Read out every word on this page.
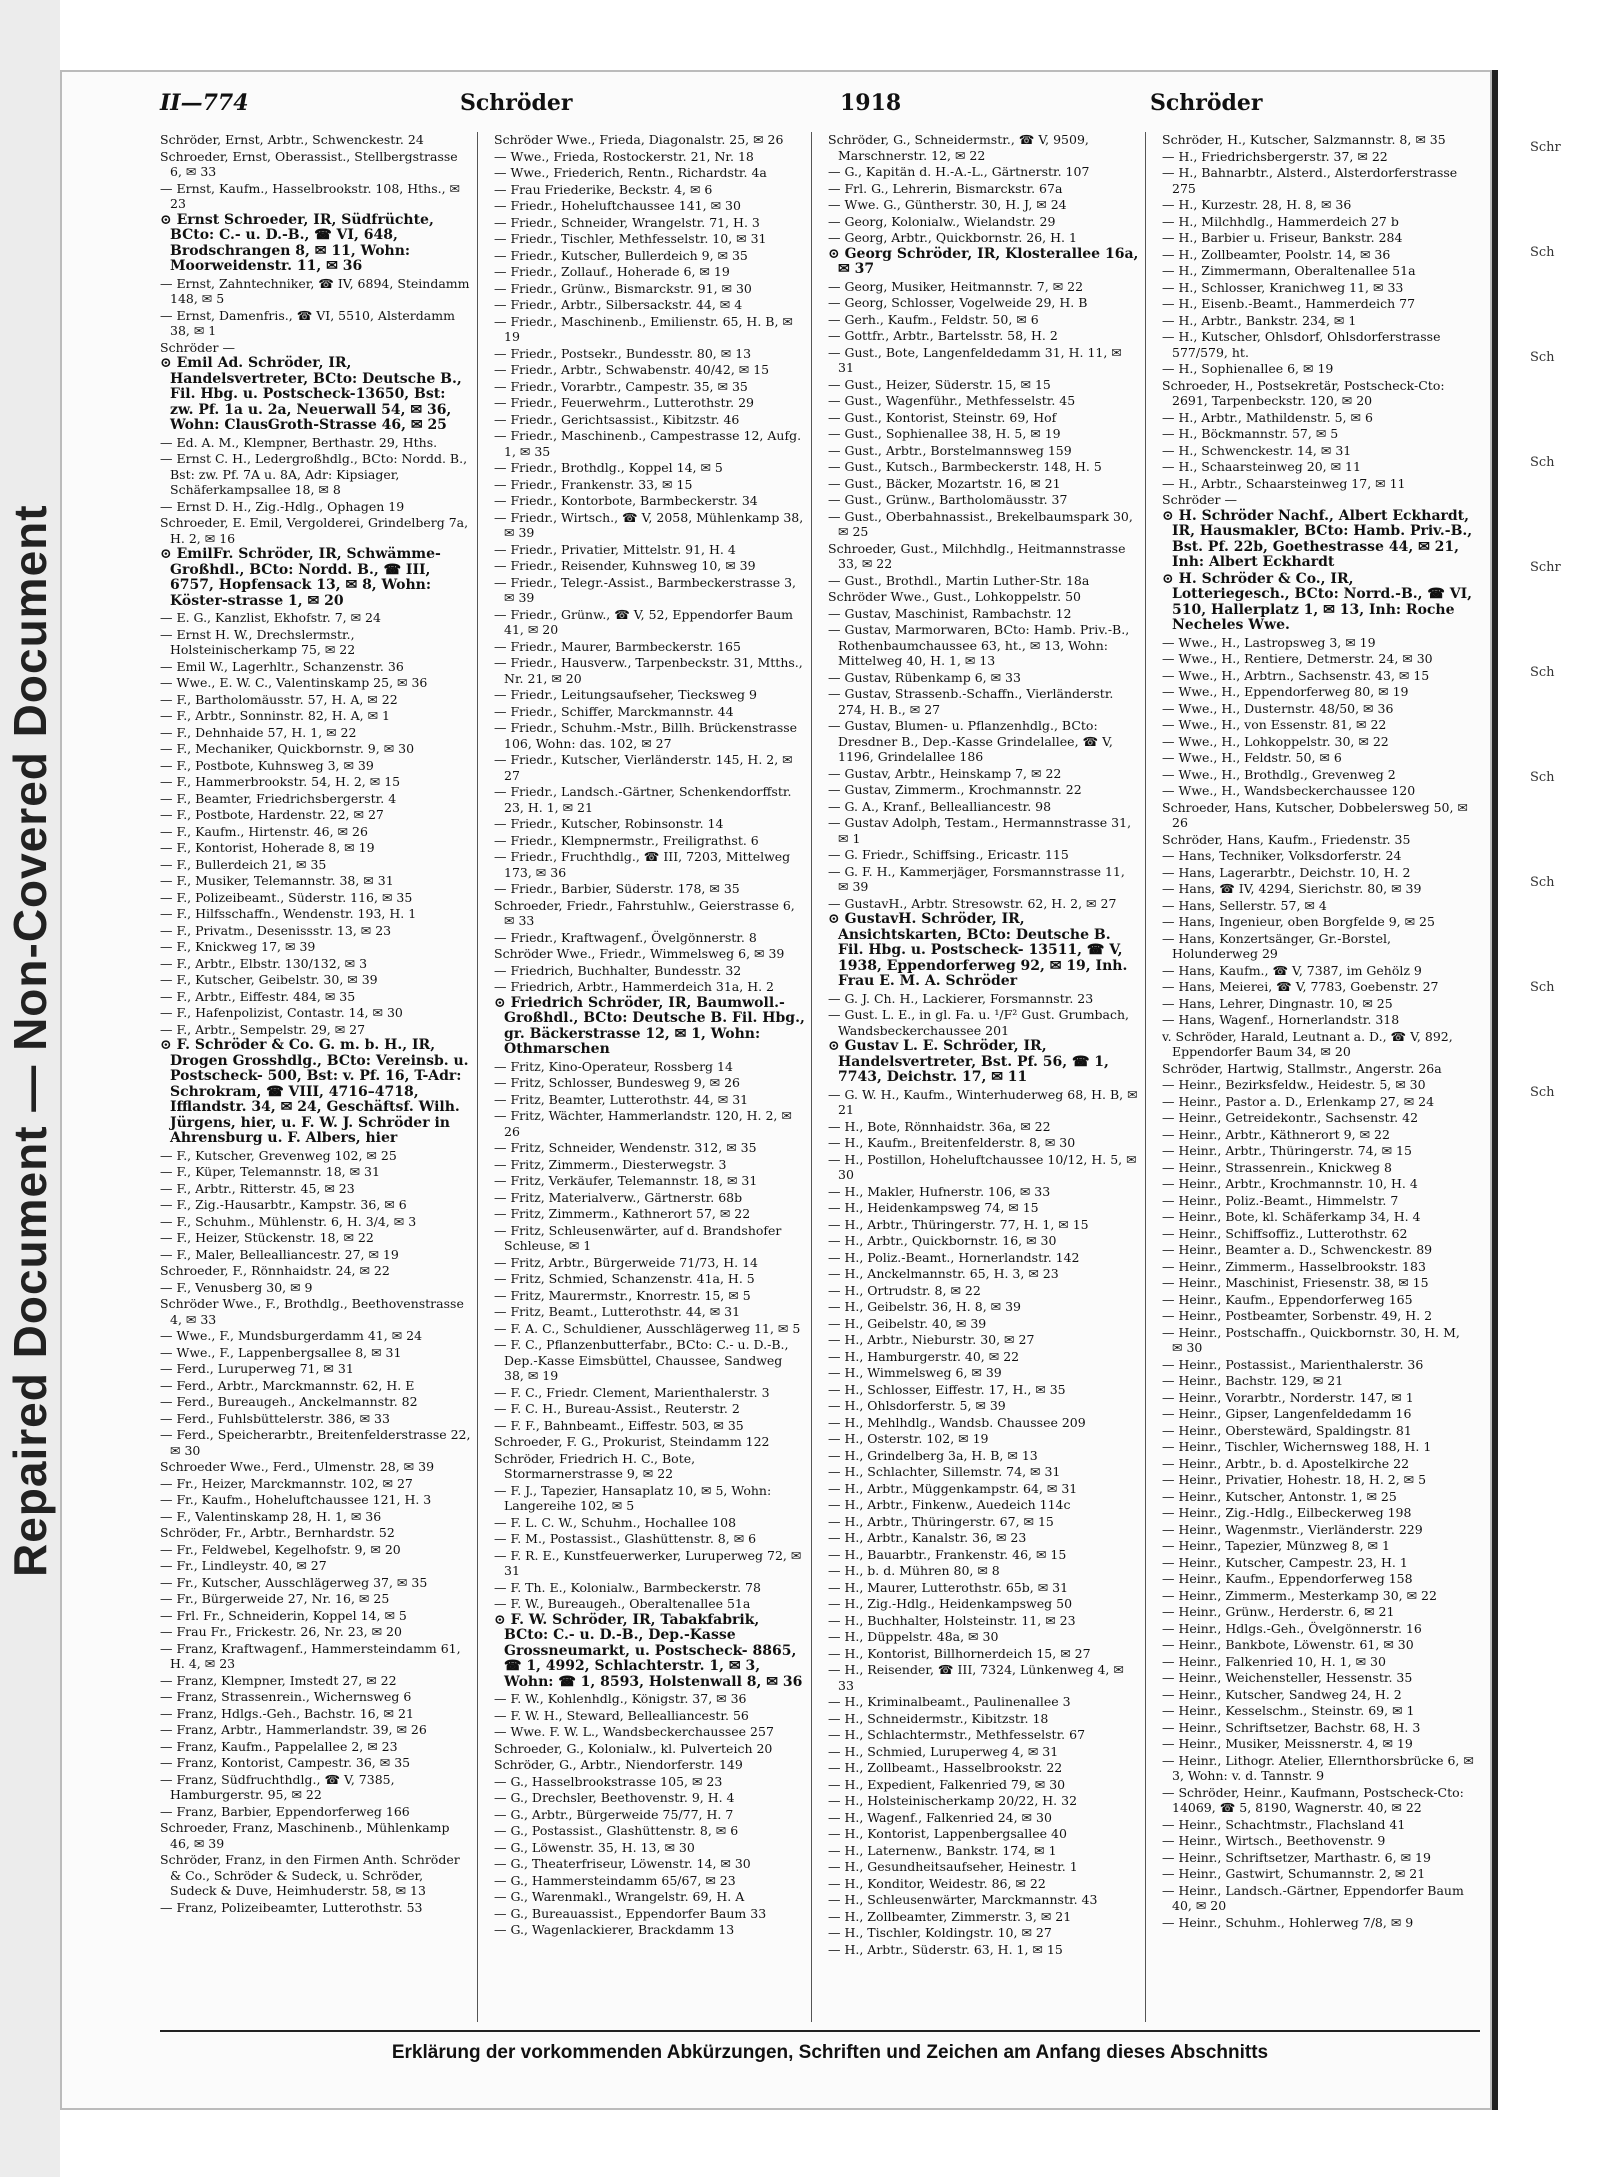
Repaired Document — Non-Covered Document
II—774	Schröder	1918	Schröder
Schröder, Ernst, Arbtr., Schwenckestr. 24
Schroeder, Ernst, Oberassist., Stellbergstrasse 6, ✉ 33
— Ernst, Kaufm., Hasselbrookstr. 108, Hths., ✉ 23
⊙ Ernst Schroeder, IR, Südfrüchte, BCto: C.- u. D.-B., ☎ VI, 648, Brodschrangen 8, ✉ 11, Wohn: Moorweidenstr. 11, ✉ 36
— Ernst, Zahntechniker, ☎ IV, 6894, Steindamm 148, ✉ 5
— Ernst, Damenfris., ☎ VI, 5510, Alsterdamm 38, ✉ 1
Schröder —
⊙ Emil Ad. Schröder, IR, Handelsvertreter, BCto: Deutsche B., Fil. Hbg. u. Postscheck-13650, Bst: zw. Pf. 1a u. 2a, Neuerwall 54, ✉ 36, Wohn: ClausGroth-Strasse 46, ✉ 25
— Ed. A. M., Klempner, Berthastr. 29, Hths.
— Ernst C. H., Ledergroßhdlg., BCto: Nordd. B., Bst: zw. Pf. 7A u. 8A, Adr: Kipsiager, Schäferkampsallee 18, ✉ 8
— Ernst D. H., Zig.-Hdlg., Ophagen 19
Schroeder, E. Emil, Vergolderei, Grindelberg 7a, H. 2, ✉ 16
⊙ EmilFr. Schröder, IR, Schwämme-Großhdl., BCto: Nordd. B., ☎ III, 6757, Hopfensack 13, ✉ 8, Wohn: Köster-strasse 1, ✉ 20
— E. G., Kanzlist, Ekhofstr. 7, ✉ 24
— Ernst H. W., Drechslermstr., Holsteinischerkamp 75, ✉ 22
— Emil W., Lagerhltr., Schanzenstr. 36
— Wwe., E. W. C., Valentinskamp 25, ✉ 36
— F., Bartholomäusstr. 57, H. A, ✉ 22
— F., Arbtr., Sonninstr. 82, H. A, ✉ 1
— F., Dehnhaide 57, H. 1, ✉ 22
— F., Mechaniker, Quickbornstr. 9, ✉ 30
— F., Postbote, Kuhnsweg 3, ✉ 39
— F., Hammerbrookstr. 54, H. 2, ✉ 15
— F., Beamter, Friedrichsbergerstr. 4
— F., Postbote, Hardenstr. 22, ✉ 27
— F., Kaufm., Hirtenstr. 46, ✉ 26
— F., Kontorist, Hoherade 8, ✉ 19
— F., Bullerdeich 21, ✉ 35
— F., Musiker, Telemannstr. 38, ✉ 31
— F., Polizeibeamt., Süderstr. 116, ✉ 35
— F., Hilfsschaffn., Wendenstr. 193, H. 1
— F., Privatm., Desenissstr. 13, ✉ 23
— F., Knickweg 17, ✉ 39
— F., Arbtr., Elbstr. 130/132, ✉ 3
— F., Kutscher, Geibelstr. 30, ✉ 39
— F., Arbtr., Eiffestr. 484, ✉ 35
— F., Hafenpolizist, Contastr. 14, ✉ 30
— F., Arbtr., Sempelstr. 29, ✉ 27
⊙ F. Schröder & Co. G. m. b. H., IR, Drogen Grosshdlg., BCto: Vereinsb. u. Postscheck- 500, Bst: v. Pf. 16, T-Adr: Schrokram, ☎ VIII, 4716–4718, Ifflandstr. 34, ✉ 24, Geschäftsf. Wilh. Jürgens, hier, u. F. W. J. Schröder in Ahrensburg u. F. Albers, hier
— F., Kutscher, Grevenweg 102, ✉ 25
— F., Küper, Telemannstr. 18, ✉ 31
— F., Arbtr., Ritterstr. 45, ✉ 23
— F., Zig.-Hausarbtr., Kampstr. 36, ✉ 6
— F., Schuhm., Mühlenstr. 6, H. 3/4, ✉ 3
— F., Heizer, Stückenstr. 18, ✉ 22
— F., Maler, Bellealliancestr. 27, ✉ 19
Schroeder, F., Rönnhaidstr. 24, ✉ 22
— F., Venusberg 30, ✉ 9
Schröder Wwe., F., Brothdlg., Beethovenstrasse 4, ✉ 33
— Wwe., F., Mundsburgerdamm 41, ✉ 24
— Wwe., F., Lappenbergsallee 8, ✉ 31
— Ferd., Luruperweg 71, ✉ 31
— Ferd., Arbtr., Marckmannstr. 62, H. E
— Ferd., Bureaugeh., Anckelmannstr. 82
— Ferd., Fuhlsbüttelerstr. 386, ✉ 33
— Ferd., Speicherarbtr., Breitenfelderstrasse 22, ✉ 30
Schroeder Wwe., Ferd., Ulmenstr. 28, ✉ 39
— Fr., Heizer, Marckmannstr. 102, ✉ 27
— Fr., Kaufm., Hoheluftchaussee 121, H. 3
— F., Valentinskamp 28, H. 1, ✉ 36
Schröder, Fr., Arbtr., Bernhardstr. 52
— Fr., Feldwebel, Kegelhofstr. 9, ✉ 20
— Fr., Lindleystr. 40, ✉ 27
— Fr., Kutscher, Ausschlägerweg 37, ✉ 35
— Fr., Bürgerweide 27, Nr. 16, ✉ 25
— Frl. Fr., Schneiderin, Koppel 14, ✉ 5
— Frau Fr., Frickestr. 26, Nr. 23, ✉ 20
— Franz, Kraftwagenf., Hammersteindamm 61, H. 4, ✉ 23
— Franz, Klempner, Imstedt 27, ✉ 22
— Franz, Strassenrein., Wichernsweg 6
— Franz, Hdlgs.-Geh., Bachstr. 16, ✉ 21
— Franz, Arbtr., Hammerlandstr. 39, ✉ 26
— Franz, Kaufm., Pappelallee 2, ✉ 23
— Franz, Kontorist, Campestr. 36, ✉ 35
— Franz, Südfruchthdlg., ☎ V, 7385, Hamburgerstr. 95, ✉ 22
— Franz, Barbier, Eppendorferweg 166
Schroeder, Franz, Maschinenb., Mühlenkamp 46, ✉ 39
Schröder, Franz, in den Firmen Anth. Schröder & Co., Schröder & Sudeck, u. Schröder, Sudeck & Duve, Heimhuderstr. 58, ✉ 13
— Franz, Polizeibeamter, Lutterothstr. 53
Schröder Wwe., Frieda, Diagonalstr. 25, ✉ 26
— Wwe., Frieda, Rostockerstr. 21, Nr. 18
— Wwe., Friederich, Rentn., Richardstr. 4a
— Frau Friederike, Beckstr. 4, ✉ 6
— Friedr., Hoheluftchaussee 141, ✉ 30
— Friedr., Schneider, Wrangelstr. 71, H. 3
— Friedr., Tischler, Methfesselstr. 10, ✉ 31
— Friedr., Kutscher, Bullerdeich 9, ✉ 35
— Friedr., Zollauf., Hoherade 6, ✉ 19
— Friedr., Grünw., Bismarckstr. 91, ✉ 30
— Friedr., Arbtr., Silbersackstr. 44, ✉ 4
— Friedr., Maschinenb., Emilienstr. 65, H. B, ✉ 19
— Friedr., Postsekr., Bundesstr. 80, ✉ 13
— Friedr., Arbtr., Schwabenstr. 40/42, ✉ 15
— Friedr., Vorarbtr., Campestr. 35, ✉ 35
— Friedr., Feuerwehrm., Lutterothstr. 29
— Friedr., Gerichtsassist., Kibitzstr. 46
— Friedr., Maschinenb., Campestrasse 12, Aufg. 1, ✉ 35
— Friedr., Brothdlg., Koppel 14, ✉ 5
— Friedr., Frankenstr. 33, ✉ 15
— Friedr., Kontorbote, Barmbeckerstr. 34
— Friedr., Wirtsch., ☎ V, 2058, Mühlenkamp 38, ✉ 39
— Friedr., Privatier, Mittelstr. 91, H. 4
— Friedr., Reisender, Kuhnsweg 10, ✉ 39
— Friedr., Telegr.-Assist., Barmbeckerstrasse 3, ✉ 39
— Friedr., Grünw., ☎ V, 52, Eppendorfer Baum 41, ✉ 20
— Friedr., Maurer, Barmbeckerstr. 165
— Friedr., Hausverw., Tarpenbeckstr. 31, Mtths., Nr. 21, ✉ 20
— Friedr., Leitungsaufseher, Tiecksweg 9
— Friedr., Schiffer, Marckmannstr. 44
— Friedr., Schuhm.-Mstr., Billh. Brückenstrasse 106, Wohn: das. 102, ✉ 27
— Friedr., Kutscher, Vierländerstr. 145, H. 2, ✉ 27
— Friedr., Landsch.-Gärtner, Schenkendorffstr. 23, H. 1, ✉ 21
— Friedr., Kutscher, Robinsonstr. 14
— Friedr., Klempnermstr., Freiligrathst. 6
— Friedr., Fruchthdlg., ☎ III, 7203, Mittelweg 173, ✉ 36
— Friedr., Barbier, Süderstr. 178, ✉ 35
Schroeder, Friedr., Fahrstuhlw., Geierstrasse 6, ✉ 33
— Friedr., Kraftwagenf., Övelgönnerstr. 8
Schröder Wwe., Friedr., Wimmelsweg 6, ✉ 39
— Friedrich, Buchhalter, Bundesstr. 32
— Friedrich, Arbtr., Hammerdeich 31a, H. 2
⊙ Friedrich Schröder, IR, Baumwoll.-Großhdl., BCto: Deutsche B. Fil. Hbg., gr. Bäckerstrasse 12, ✉ 1, Wohn: Othmarschen
— Fritz, Kino-Operateur, Rossberg 14
— Fritz, Schlosser, Bundesweg 9, ✉ 26
— Fritz, Beamter, Lutterothstr. 44, ✉ 31
— Fritz, Wächter, Hammerlandstr. 120, H. 2, ✉ 26
— Fritz, Schneider, Wendenstr. 312, ✉ 35
— Fritz, Zimmerm., Diesterwegstr. 3
— Fritz, Verkäufer, Telemannstr. 18, ✉ 31
— Fritz, Materialverw., Gärtnerstr. 68b
— Fritz, Zimmerm., Kathnerort 57, ✉ 22
— Fritz, Schleusenwärter, auf d. Brandshofer Schleuse, ✉ 1
— Fritz, Arbtr., Bürgerweide 71/73, H. 14
— Fritz, Schmied, Schanzenstr. 41a, H. 5
— Fritz, Maurermstr., Knorrestr. 15, ✉ 5
— Fritz, Beamt., Lutterothstr. 44, ✉ 31
— F. A. C., Schuldiener, Ausschlägerweg 11, ✉ 5
— F. C., Pflanzenbutterfabr., BCto: C.- u. D.-B., Dep.-Kasse Eimsbüttel, Chaussee, Sandweg 38, ✉ 19
— F. C., Friedr. Clement, Marienthalerstr. 3
— F. C. H., Bureau-Assist., Reuterstr. 2
— F. F., Bahnbeamt., Eiffestr. 503, ✉ 35
Schroeder, F. G., Prokurist, Steindamm 122
Schröder, Friedrich H. C., Bote, Stormarnerstrasse 9, ✉ 22
— F. J., Tapezier, Hansaplatz 10, ✉ 5, Wohn: Langereihe 102, ✉ 5
— F. L. C. W., Schuhm., Hochallee 108
— F. M., Postassist., Glashüttenstr. 8, ✉ 6
— F. R. E., Kunstfeuerwerker, Luruperweg 72, ✉ 31
— F. Th. E., Kolonialw., Barmbeckerstr. 78
— F. W., Bureaugeh., Oberaltenallee 51a
⊙ F. W. Schröder, IR, Tabakfabrik, BCto: C.- u. D.-B., Dep.-Kasse Grossneumarkt, u. Postscheck- 8865, ☎ 1, 4992, Schlachterstr. 1, ✉ 3, Wohn: ☎ 1, 8593, Holstenwall 8, ✉ 36
— F. W., Kohlenhdlg., Königstr. 37, ✉ 36
— F. W. H., Steward, Bellealliancestr. 56
— Wwe. F. W. L., Wandsbeckerchaussee 257
Schroeder, G., Kolonialw., kl. Pulverteich 20
Schröder, G., Arbtr., Niendorferstr. 149
— G., Hasselbrookstrasse 105, ✉ 23
— G., Drechsler, Beethovenstr. 9, H. 4
— G., Arbtr., Bürgerweide 75/77, H. 7
— G., Postassist., Glashüttenstr. 8, ✉ 6
— G., Löwenstr. 35, H. 13, ✉ 30
— G., Theaterfriseur, Löwenstr. 14, ✉ 30
— G., Hammersteindamm 65/67, ✉ 23
— G., Warenmakl., Wrangelstr. 69, H. A
— G., Bureauassist., Eppendorfer Baum 33
— G., Wagenlackierer, Brackdamm 13
Schröder, G., Schneidermstr., ☎ V, 9509, Marschnerstr. 12, ✉ 22
— G., Kapitän d. H.-A.-L., Gärtnerstr. 107
— Frl. G., Lehrerin, Bismarckstr. 67a
— Wwe. G., Güntherstr. 30, H. J, ✉ 24
— Georg, Kolonialw., Wielandstr. 29
— Georg, Arbtr., Quickbornstr. 26, H. 1
⊙ Georg Schröder, IR, Klosterallee 16a, ✉ 37
— Georg, Musiker, Heitmannstr. 7, ✉ 22
— Georg, Schlosser, Vogelweide 29, H. B
— Gerh., Kaufm., Feldstr. 50, ✉ 6
— Gottfr., Arbtr., Bartelsstr. 58, H. 2
— Gust., Bote, Langenfeldedamm 31, H. 11, ✉ 31
— Gust., Heizer, Süderstr. 15, ✉ 15
— Gust., Wagenführ., Methfesselstr. 45
— Gust., Kontorist, Steinstr. 69, Hof
— Gust., Sophienallee 38, H. 5, ✉ 19
— Gust., Arbtr., Borstelmannsweg 159
— Gust., Kutsch., Barmbeckerstr. 148, H. 5
— Gust., Bäcker, Mozartstr. 16, ✉ 21
— Gust., Grünw., Bartholomäusstr. 37
— Gust., Oberbahnassist., Brekelbaumspark 30, ✉ 25
Schroeder, Gust., Milchhdlg., Heitmannstrasse 33, ✉ 22
— Gust., Brothdl., Martin Luther-Str. 18a
Schröder Wwe., Gust., Lohkoppelstr. 50
— Gustav, Maschinist, Rambachstr. 12
— Gustav, Marmorwaren, BCto: Hamb. Priv.-B., Rothenbaumchaussee 63, ht., ✉ 13, Wohn: Mittelweg 40, H. 1, ✉ 13
— Gustav, Rübenkamp 6, ✉ 33
— Gustav, Strassenb.-Schaffn., Vierländerstr. 274, H. B., ✉ 27
— Gustav, Blumen- u. Pflanzenhdlg., BCto: Dresdner B., Dep.-Kasse Grindelallee, ☎ V, 1196, Grindelallee 186
— Gustav, Arbtr., Heinskamp 7, ✉ 22
— Gustav, Zimmerm., Krochmannstr. 22
— G. A., Kranf., Bellealliancestr. 98
— Gustav Adolph, Testam., Hermannstrasse 31, ✉ 1
— G. Friedr., Schiffsing., Ericastr. 115
— G. F. H., Kammerjäger, Forsmannstrasse 11, ✉ 39
— GustavH., Arbtr. Stresowstr. 62, H. 2, ✉ 27
⊙ GustavH. Schröder, IR, Ansichtskarten, BCto: Deutsche B. Fil. Hbg. u. Postscheck- 13511, ☎ V, 1938, Eppendorferweg 92, ✉ 19, Inh. Frau E. M. A. Schröder
— G. J. Ch. H., Lackierer, Forsmannstr. 23
— Gust. L. E., in gl. Fa. u. ¹/F² Gust. Grumbach, Wandsbeckerchaussee 201
⊙ Gustav L. E. Schröder, IR, Handelsvertreter, Bst. Pf. 56, ☎ 1, 7743, Deichstr. 17, ✉ 11
— G. W. H., Kaufm., Winterhuderweg 68, H. B, ✉ 21
— H., Bote, Rönnhaidstr. 36a, ✉ 22
— H., Kaufm., Breitenfelderstr. 8, ✉ 30
— H., Postillon, Hoheluftchaussee 10/12, H. 5, ✉ 30
— H., Makler, Hufnerstr. 106, ✉ 33
— H., Heidenkampsweg 74, ✉ 15
— H., Arbtr., Thüringerstr. 77, H. 1, ✉ 15
— H., Arbtr., Quickbornstr. 16, ✉ 30
— H., Poliz.-Beamt., Hornerlandstr. 142
— H., Anckelmannstr. 65, H. 3, ✉ 23
— H., Ortrudstr. 8, ✉ 22
— H., Geibelstr. 36, H. 8, ✉ 39
— H., Geibelstr. 40, ✉ 39
— H., Arbtr., Nieburstr. 30, ✉ 27
— H., Hamburgerstr. 40, ✉ 22
— H., Wimmelsweg 6, ✉ 39
— H., Schlosser, Eiffestr. 17, H., ✉ 35
— H., Ohlsdorferstr. 5, ✉ 39
— H., Mehlhdlg., Wandsb. Chaussee 209
— H., Osterstr. 102, ✉ 19
— H., Grindelberg 3a, H. B, ✉ 13
— H., Schlachter, Sillemstr. 74, ✉ 31
— H., Arbtr., Müggenkampstr. 64, ✉ 31
— H., Arbtr., Finkenw., Auedeich 114c
— H., Arbtr., Thüringerstr. 67, ✉ 15
— H., Arbtr., Kanalstr. 36, ✉ 23
— H., Bauarbtr., Frankenstr. 46, ✉ 15
— H., b. d. Mühren 80, ✉ 8
— H., Maurer, Lutterothstr. 65b, ✉ 31
— H., Zig.-Hdlg., Heidenkampsweg 50
— H., Buchhalter, Holsteinstr. 11, ✉ 23
— H., Düppelstr. 48a, ✉ 30
— H., Kontorist, Billhornerdeich 15, ✉ 27
— H., Reisender, ☎ III, 7324, Lünkenweg 4, ✉ 33
— H., Kriminalbeamt., Paulinenallee 3
— H., Schneidermstr., Kibitzstr. 18
— H., Schlachtermstr., Methfesselstr. 67
— H., Schmied, Luruperweg 4, ✉ 31
— H., Zollbeamt., Hasselbrookstr. 22
— H., Expedient, Falkenried 79, ✉ 30
— H., Holsteinischerkamp 20/22, H. 32
— H., Wagenf., Falkenried 24, ✉ 30
— H., Kontorist, Lappenbergsallee 40
— H., Laternenw., Bankstr. 174, ✉ 1
— H., Gesundheitsaufseher, Heinestr. 1
— H., Konditor, Weidestr. 86, ✉ 22
— H., Schleusenwärter, Marckmannstr. 43
— H., Zollbeamter, Zimmerstr. 3, ✉ 21
— H., Tischler, Koldingstr. 10, ✉ 27
— H., Arbtr., Süderstr. 63, H. 1, ✉ 15
Schröder, H., Kutscher, Salzmannstr. 8, ✉ 35
— H., Friedrichsbergerstr. 37, ✉ 22
— H., Bahnarbtr., Alsterd., Alsterdorferstrasse 275
— H., Kurzestr. 28, H. 8, ✉ 36
— H., Milchhdlg., Hammerdeich 27 b
— H., Barbier u. Friseur, Bankstr. 284
— H., Zollbeamter, Poolstr. 14, ✉ 36
— H., Zimmermann, Oberaltenallee 51a
— H., Schlosser, Kranichweg 11, ✉ 33
— H., Eisenb.-Beamt., Hammerdeich 77
— H., Arbtr., Bankstr. 234, ✉ 1
— H., Kutscher, Ohlsdorf, Ohlsdorferstrasse 577/579, ht.
— H., Sophienallee 6, ✉ 19
Schroeder, H., Postsekretär, Postscheck-Cto: 2691, Tarpenbeckstr. 120, ✉ 20
— H., Arbtr., Mathildenstr. 5, ✉ 6
— H., Böckmannstr. 57, ✉ 5
— H., Schwenckestr. 14, ✉ 31
— H., Schaarsteinweg 20, ✉ 11
— H., Arbtr., Schaarsteinweg 17, ✉ 11
Schröder —
⊙ H. Schröder Nachf., Albert Eckhardt, IR, Hausmakler, BCto: Hamb. Priv.-B., Bst. Pf. 22b, Goethestrasse 44, ✉ 21, Inh: Albert Eckhardt
⊙ H. Schröder & Co., IR, Lotteriegesch., BCto: Norrd.-B., ☎ VI, 510, Hallerplatz 1, ✉ 13, Inh: Roche Necheles Wwe.
— Wwe., H., Lastropsweg 3, ✉ 19
— Wwe., H., Rentiere, Detmerstr. 24, ✉ 30
— Wwe., H., Arbtrn., Sachsenstr. 43, ✉ 15
— Wwe., H., Eppendorferweg 80, ✉ 19
— Wwe., H., Dusternstr. 48/50, ✉ 36
— Wwe., H., von Essenstr. 81, ✉ 22
— Wwe., H., Lohkoppelstr. 30, ✉ 22
— Wwe., H., Feldstr. 50, ✉ 6
— Wwe., H., Brothdlg., Grevenweg 2
— Wwe., H., Wandsbeckerchaussee 120
Schroeder, Hans, Kutscher, Dobbelersweg 50, ✉ 26
Schröder, Hans, Kaufm., Friedenstr. 35
— Hans, Techniker, Volksdorferstr. 24
— Hans, Lagerarbtr., Deichstr. 10, H. 2
— Hans, ☎ IV, 4294, Sierichstr. 80, ✉ 39
— Hans, Sellerstr. 57, ✉ 4
— Hans, Ingenieur, oben Borgfelde 9, ✉ 25
— Hans, Konzertsänger, Gr.-Borstel, Holunderweg 29
— Hans, Kaufm., ☎ V, 7387, im Gehölz 9
— Hans, Meierei, ☎ V, 7783, Goebenstr. 27
— Hans, Lehrer, Dingnastr. 10, ✉ 25
— Hans, Wagenf., Hornerlandstr. 318
v. Schröder, Harald, Leutnant a. D., ☎ V, 892, Eppendorfer Baum 34, ✉ 20
Schröder, Hartwig, Stallmstr., Angerstr. 26a
— Heinr., Bezirksfeldw., Heidestr. 5, ✉ 30
— Heinr., Pastor a. D., Erlenkamp 27, ✉ 24
— Heinr., Getreidekontr., Sachsenstr. 42
— Heinr., Arbtr., Käthnerort 9, ✉ 22
— Heinr., Arbtr., Thüringerstr. 74, ✉ 15
— Heinr., Strassenrein., Knickweg 8
— Heinr., Arbtr., Krochmannstr. 10, H. 4
— Heinr., Poliz.-Beamt., Himmelstr. 7
— Heinr., Bote, kl. Schäferkamp 34, H. 4
— Heinr., Schiffsoffiz., Lutterothstr. 62
— Heinr., Beamter a. D., Schwenckestr. 89
— Heinr., Zimmerm., Hasselbrookstr. 183
— Heinr., Maschinist, Friesenstr. 38, ✉ 15
— Heinr., Kaufm., Eppendorferweg 165
— Heinr., Postbeamter, Sorbenstr. 49, H. 2
— Heinr., Postschaffn., Quickbornstr. 30, H. M, ✉ 30
— Heinr., Postassist., Marienthalerstr. 36
— Heinr., Bachstr. 129, ✉ 21
— Heinr., Vorarbtr., Norderstr. 147, ✉ 1
— Heinr., Gipser, Langenfeldedamm 16
— Heinr., Oberstewärd, Spaldingstr. 81
— Heinr., Tischler, Wichernsweg 188, H. 1
— Heinr., Arbtr., b. d. Apostelkirche 22
— Heinr., Privatier, Hohestr. 18, H. 2, ✉ 5
— Heinr., Kutscher, Antonstr. 1, ✉ 25
— Heinr., Zig.-Hdlg., Eilbeckerweg 198
— Heinr., Wagenmstr., Vierländerstr. 229
— Heinr., Tapezier, Münzweg 8, ✉ 1
— Heinr., Kutscher, Campestr. 23, H. 1
— Heinr., Kaufm., Eppendorferweg 158
— Heinr., Zimmerm., Mesterkamp 30, ✉ 22
— Heinr., Grünw., Herderstr. 6, ✉ 21
— Heinr., Hdlgs.-Geh., Övelgönnerstr. 16
— Heinr., Bankbote, Löwenstr. 61, ✉ 30
— Heinr., Falkenried 10, H. 1, ✉ 30
— Heinr., Weichensteller, Hessenstr. 35
— Heinr., Kutscher, Sandweg 24, H. 2
— Heinr., Kesselschm., Steinstr. 69, ✉ 1
— Heinr., Schriftsetzer, Bachstr. 68, H. 3
— Heinr., Musiker, Meissnerstr. 4, ✉ 19
— Heinr., Lithogr. Atelier, Ellernthorsbrücke 6, ✉ 3, Wohn: v. d. Tannstr. 9
— Schröder, Heinr., Kaufmann, Postscheck-Cto: 14069, ☎ 5, 8190, Wagnerstr. 40, ✉ 22
— Heinr., Schachtmstr., Flachsland 41
— Heinr., Wirtsch., Beethovenstr. 9
— Heinr., Schriftsetzer, Marthastr. 6, ✉ 19
— Heinr., Gastwirt, Schumannstr. 2, ✉ 21
— Heinr., Landsch.-Gärtner, Eppendorfer Baum 40, ✉ 20
— Heinr., Schuhm., Hohlerweg 7/8, ✉ 9
Erklärung der vorkommenden Abkürzungen, Schriften und Zeichen am Anfang dieses Abschnitts
Schr
Sch
Sch
Sch
Schr
Sch
Sch
Sch
Sch
Sch
